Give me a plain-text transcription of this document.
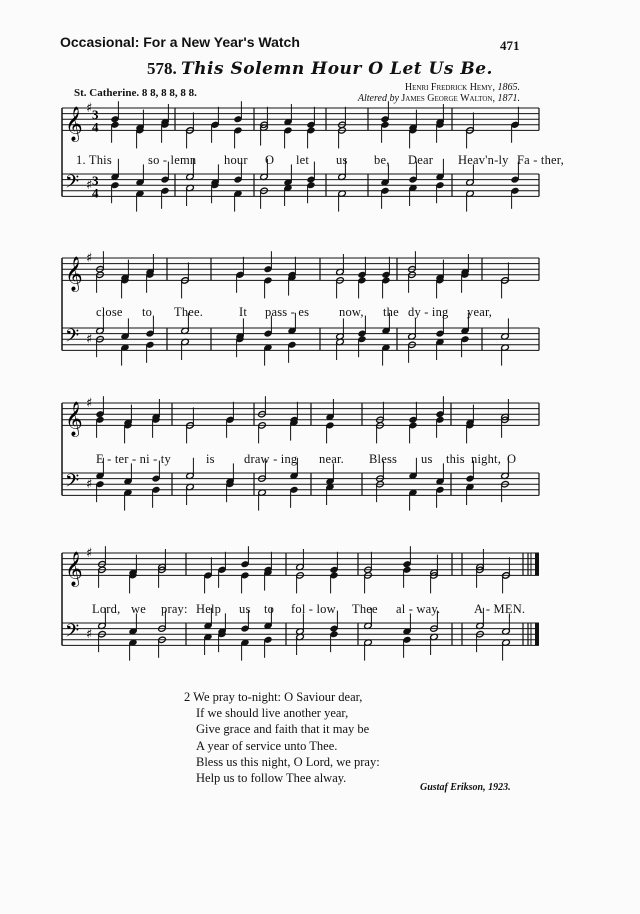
Occasional: For a New Year's Watch	471
578. This Solemn Hour O Let Us Be.
St. Catherine. 8 8, 8 8, 8 8.	Henri Fredrick Hemy, 1865.
Altered by James George Walton, 1871.
𝄞 ♯ 3
4
𝄢 ♯ 3
4
𝄞 ♯
𝄢 ♯
𝄞 ♯
𝄢 ♯
𝄞 ♯
𝄢 ♯
1. This	so - lemn hour O let us be, Dear Heav'n-ly Fa - ther,
close to Thee.	It pass - es now, the dy - ing year,
E - ter - ni - ty	is draw - ing near. Bless us this night, O
Lord, we pray: Help us to fol - low Thee al - way.	A - MEN.
2 We pray to-night: O Saviour dear,
If we should live another year,
Give grace and faith that it may be
A year of service unto Thee.
Bless us this night, O Lord, we pray:
Help us to follow Thee alway.
Gustaf Erikson, 1923.
